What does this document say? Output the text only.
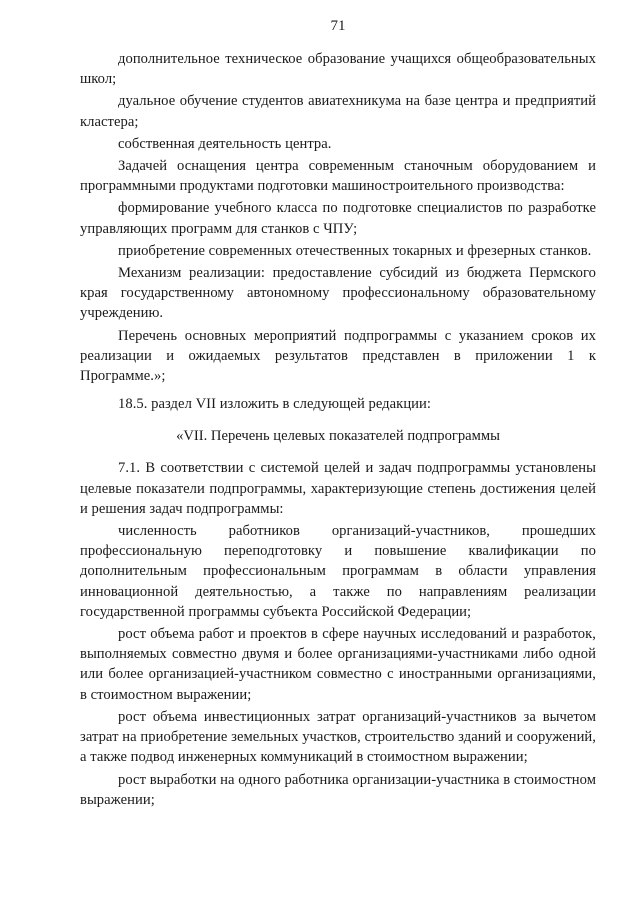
71

дополнительное техническое образование учащихся общеобразовательных школ;

дуальное обучение студентов авиатехникума на базе центра и предприятий кластера;

собственная деятельность центра.

Задачей оснащения центра современным станочным оборудованием и программными продуктами подготовки машиностроительного производства:

формирование учебного класса по подготовке специалистов по разработке управляющих программ для станков с ЧПУ;

приобретение современных отечественных токарных и фрезерных станков.

Механизм реализации: предоставление субсидий из бюджета Пермского края государственному автономному профессиональному образовательному учреждению.

Перечень основных мероприятий подпрограммы с указанием сроков их реализации и ожидаемых результатов представлен в приложении 1 к Программе.»;

18.5. раздел VII изложить в следующей редакции:

«VII. Перечень целевых показателей подпрограммы

7.1. В соответствии с системой целей и задач подпрограммы установлены целевые показатели подпрограммы, характеризующие степень достижения целей и решения задач подпрограммы:

численность работников организаций-участников, прошедших профессиональную переподготовку и повышение квалификации по дополнительным профессиональным программам в области управления инновационной деятельностью, а также по направлениям реализации государственной программы субъекта Российской Федерации;

рост объема работ и проектов в сфере научных исследований и разработок, выполняемых совместно двумя и более организациями-участниками либо одной или более организацией-участником совместно с иностранными организациями, в стоимостном выражении;

рост объема инвестиционных затрат организаций-участников за вычетом затрат на приобретение земельных участков, строительство зданий и сооружений, а также подвод инженерных коммуникаций в стоимостном выражении;

рост выработки на одного работника организации-участника в стоимостном выражении;
